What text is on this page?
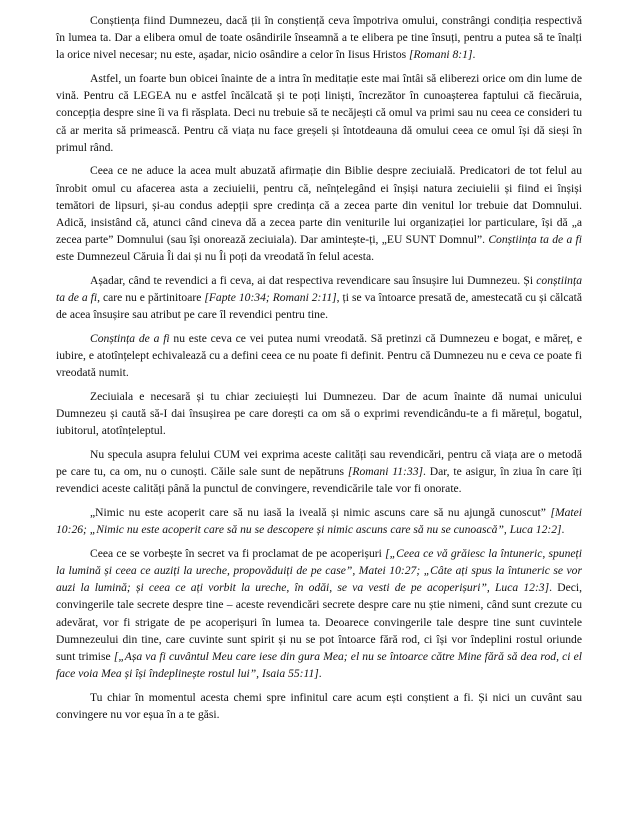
Conștiența fiind Dumnezeu, dacă ții în conștiență ceva împotriva omului, constrângi condiția respectivă în lumea ta. Dar a elibera omul de toate osândirile înseamnă a te elibera pe tine însuți, pentru a putea să te înalți la orice nivel necesar; nu este, așadar, nicio osândire a celor în Iisus Hristos [Romani 8:1].

Astfel, un foarte bun obicei înainte de a intra în meditație este mai întâi să eliberezi orice om din lume de vină. Pentru că LEGEA nu e astfel încălcată și te poți liniști, încrezător în cunoașterea faptului că fiecăruia, concepția despre sine îi va fi răsplata. Deci nu trebuie să te necăjești că omul va primi sau nu ceea ce consideri tu că ar merita să primească. Pentru că viața nu face greșeli și întotdeauna dă omului ceea ce omul își dă sieși în primul rând.

Ceea ce ne aduce la acea mult abuzată afirmație din Biblie despre zeciuială. Predicatori de tot felul au înrobit omul cu afacerea asta a zeciuielii, pentru că, neînțelegând ei înșiși natura zeciuielii și fiind ei înșiși temători de lipsuri, și-au condus adepții spre credința că a zecea parte din venitul lor trebuie dat Domnului. Adică, insistând că, atunci când cineva dă a zecea parte din veniturile lui organizației lor particulare, își dă „a zecea parte” Domnului (sau își onorează zeciuiala). Dar amintește-ți, „EU SUNT Domnul”. Conștiința ta de a fi este Dumnezeul Căruia Îi dai și nu Îi poți da vreodată în felul acesta.

Așadar, când te revendici a fi ceva, ai dat respectiva revendicare sau însușire lui Dumnezeu. Și conștiința ta de a fi, care nu e părtinitoare [Fapte 10:34; Romani 2:11], ți se va întoarce presată de, amestecată cu și călcată de acea însușire sau atribut pe care îl revendici pentru tine.

Conștința de a fi nu este ceva ce vei putea numi vreodată. Să pretinzi că Dumnezeu e bogat, e măreț, e iubire, e atotînțelept echivalează cu a defini ceea ce nu poate fi definit. Pentru că Dumnezeu nu e ceva ce poate fi vreodată numit.

Zeciuiala e necesară și tu chiar zeciuiești lui Dumnezeu. Dar de acum înainte dă numai unicului Dumnezeu și caută să-I dai însușirea pe care dorești ca om să o exprimi revendicându-te a fi mărețul, bogatul, iubitorul, atotînțeleptul.

Nu specula asupra felului CUM vei exprima aceste calități sau revendicări, pentru că viața are o metodă pe care tu, ca om, nu o cunoști. Căile sale sunt de nepătruns [Romani 11:33]. Dar, te asigur, în ziua în care îți revendici aceste calități până la punctul de convingere, revendicările tale vor fi onorate.

„Nimic nu este acoperit care să nu iasă la iveală și nimic ascuns care să nu ajungă cunoscut” [Matei 10:26; „Nimic nu este acoperit care să nu se descopere și nimic ascuns care să nu se cunoască”, Luca 12:2].

Ceea ce se vorbește în secret va fi proclamat de pe acoperișuri [„Ceea ce vă grăiesc la întuneric, spuneți la lumină și ceea ce auziți la ureche, propovăduiți de pe case”, Matei 10:27; „Câte ați spus la întuneric se vor auzi la lumină; și ceea ce ați vorbit la ureche, în odăi, se va vesti de pe acoperișuri”, Luca 12:3]. Deci, convingerile tale secrete despre tine – aceste revendicări secrete despre care nu știe nimeni, când sunt crezute cu adevărat, vor fi strigate de pe acoperișuri în lumea ta. Deoarece convingerile tale despre tine sunt cuvintele Dumnezeului din tine, care cuvinte sunt spirit și nu se pot întoarce fără rod, ci își vor îndeplini rostul oriunde sunt trimise [„Așa va fi cuvântul Meu care iese din gura Mea; el nu se întoarce către Mine fără să dea rod, ci el face voia Mea și își îndeplinește rostul lui”, Isaia 55:11].

Tu chiar în momentul acesta chemi spre infinitul care acum ești conștient a fi. Și nici un cuvânt sau convingere nu vor eșua în a te găsi.
